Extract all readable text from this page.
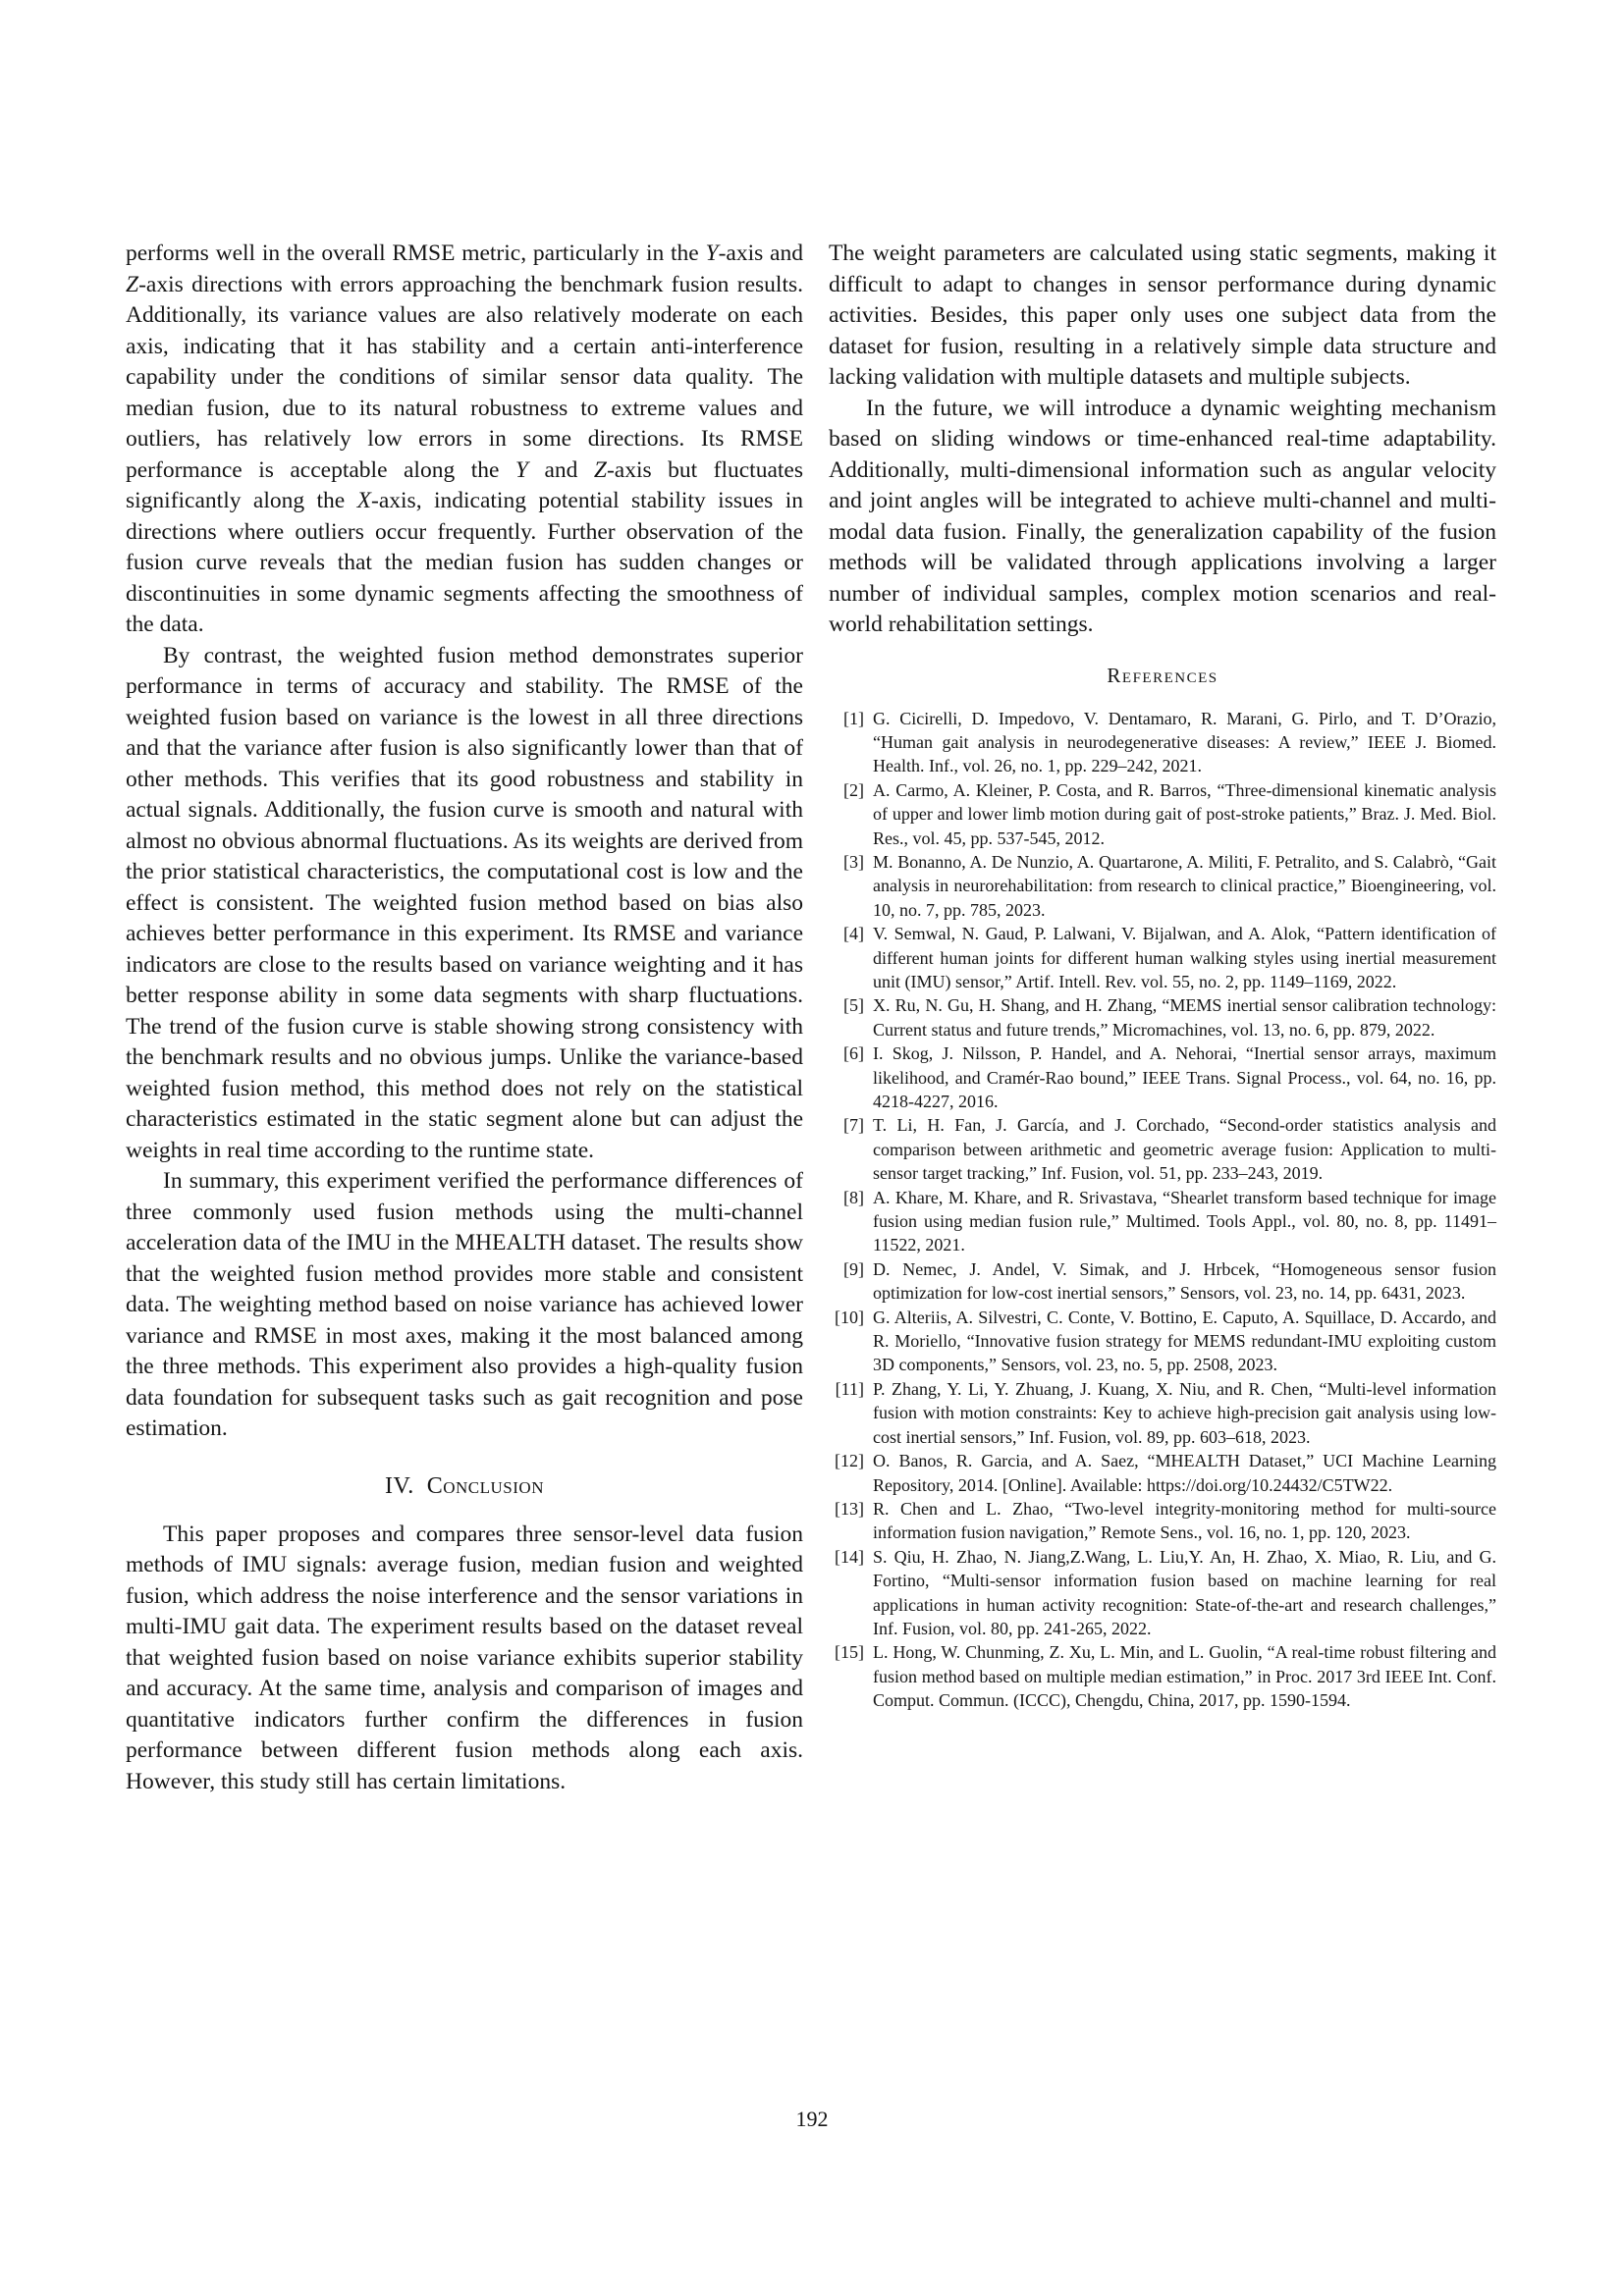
performs well in the overall RMSE metric, particularly in the Y-axis and Z-axis directions with errors approaching the benchmark fusion results. Additionally, its variance values are also relatively moderate on each axis, indicating that it has stability and a certain anti-interference capability under the conditions of similar sensor data quality. The median fusion, due to its natural robustness to extreme values and outliers, has relatively low errors in some directions. Its RMSE performance is acceptable along the Y and Z-axis but fluctuates significantly along the X-axis, indicating potential stability issues in directions where outliers occur frequently. Further observation of the fusion curve reveals that the median fusion has sudden changes or discontinuities in some dynamic segments affecting the smoothness of the data.
By contrast, the weighted fusion method demonstrates superior performance in terms of accuracy and stability. The RMSE of the weighted fusion based on variance is the lowest in all three directions and that the variance after fusion is also significantly lower than that of other methods. This verifies that its good robustness and stability in actual signals. Additionally, the fusion curve is smooth and natural with almost no obvious abnormal fluctuations. As its weights are derived from the prior statistical characteristics, the computational cost is low and the effect is consistent. The weighted fusion method based on bias also achieves better performance in this experiment. Its RMSE and variance indicators are close to the results based on variance weighting and it has better response ability in some data segments with sharp fluctuations. The trend of the fusion curve is stable showing strong consistency with the benchmark results and no obvious jumps. Unlike the variance-based weighted fusion method, this method does not rely on the statistical characteristics estimated in the static segment alone but can adjust the weights in real time according to the runtime state.
In summary, this experiment verified the performance differences of three commonly used fusion methods using the multi-channel acceleration data of the IMU in the MHEALTH dataset. The results show that the weighted fusion method provides more stable and consistent data. The weighting method based on noise variance has achieved lower variance and RMSE in most axes, making it the most balanced among the three methods. This experiment also provides a high-quality fusion data foundation for subsequent tasks such as gait recognition and pose estimation.
IV.  Conclusion
This paper proposes and compares three sensor-level data fusion methods of IMU signals: average fusion, median fusion and weighted fusion, which address the noise interference and the sensor variations in multi-IMU gait data. The experiment results based on the dataset reveal that weighted fusion based on noise variance exhibits superior stability and accuracy. At the same time, analysis and comparison of images and quantitative indicators further confirm the differences in fusion performance between different fusion methods along each axis. However, this study still has certain limitations.
The weight parameters are calculated using static segments, making it difficult to adapt to changes in sensor performance during dynamic activities. Besides, this paper only uses one subject data from the dataset for fusion, resulting in a relatively simple data structure and lacking validation with multiple datasets and multiple subjects.
In the future, we will introduce a dynamic weighting mechanism based on sliding windows or time-enhanced real-time adaptability. Additionally, multi-dimensional information such as angular velocity and joint angles will be integrated to achieve multi-channel and multi-modal data fusion. Finally, the generalization capability of the fusion methods will be validated through applications involving a larger number of individual samples, complex motion scenarios and real-world rehabilitation settings.
References
[1] G. Cicirelli, D. Impedovo, V. Dentamaro, R. Marani, G. Pirlo, and T. D’Orazio, “Human gait analysis in neurodegenerative diseases: A review,” IEEE J. Biomed. Health. Inf., vol. 26, no. 1, pp. 229–242, 2021.
[2] A. Carmo, A. Kleiner, P. Costa, and R. Barros, “Three-dimensional kinematic analysis of upper and lower limb motion during gait of post-stroke patients,” Braz. J. Med. Biol. Res., vol. 45, pp. 537-545, 2012.
[3] M. Bonanno, A. De Nunzio, A. Quartarone, A. Militi, F. Petralito, and S. Calabrò, “Gait analysis in neurorehabilitation: from research to clinical practice,” Bioengineering, vol. 10, no. 7, pp. 785, 2023.
[4] V. Semwal, N. Gaud, P. Lalwani, V. Bijalwan, and A. Alok, “Pattern identification of different human joints for different human walking styles using inertial measurement unit (IMU) sensor,” Artif. Intell. Rev. vol. 55, no. 2, pp. 1149–1169, 2022.
[5] X. Ru, N. Gu, H. Shang, and H. Zhang, “MEMS inertial sensor calibration technology: Current status and future trends,” Micromachines, vol. 13, no. 6, pp. 879, 2022.
[6] I. Skog, J. Nilsson, P. Handel, and A. Nehorai, “Inertial sensor arrays, maximum likelihood, and Cramér-Rao bound,” IEEE Trans. Signal Process., vol. 64, no. 16, pp. 4218-4227, 2016.
[7] T. Li, H. Fan, J. García, and J. Corchado, “Second-order statistics analysis and comparison between arithmetic and geometric average fusion: Application to multi-sensor target tracking,” Inf. Fusion, vol. 51, pp. 233–243, 2019.
[8] A. Khare, M. Khare, and R. Srivastava, “Shearlet transform based technique for image fusion using median fusion rule,” Multimed. Tools Appl., vol. 80, no. 8, pp. 11491–11522, 2021.
[9] D. Nemec, J. Andel, V. Simak, and J. Hrbcek, “Homogeneous sensor fusion optimization for low-cost inertial sensors,” Sensors, vol. 23, no. 14, pp. 6431, 2023.
[10] G. Alteriis, A. Silvestri, C. Conte, V. Bottino, E. Caputo, A. Squillace, D. Accardo, and R. Moriello, “Innovative fusion strategy for MEMS redundant-IMU exploiting custom 3D components,” Sensors, vol. 23, no. 5, pp. 2508, 2023.
[11] P. Zhang, Y. Li, Y. Zhuang, J. Kuang, X. Niu, and R. Chen, “Multi-level information fusion with motion constraints: Key to achieve high-precision gait analysis using low-cost inertial sensors,” Inf. Fusion, vol. 89, pp. 603–618, 2023.
[12] O. Banos, R. Garcia, and A. Saez, “MHEALTH Dataset,” UCI Machine Learning Repository, 2014. [Online]. Available: https://doi.org/10.24432/C5TW22.
[13] R. Chen and L. Zhao, “Two-level integrity-monitoring method for multi-source information fusion navigation,” Remote Sens., vol. 16, no. 1, pp. 120, 2023.
[14] S. Qiu, H. Zhao, N. Jiang,Z.Wang, L. Liu,Y. An, H. Zhao, X. Miao, R. Liu, and G. Fortino, “Multi-sensor information fusion based on machine learning for real applications in human activity recognition: State-of-the-art and research challenges,” Inf. Fusion, vol. 80, pp. 241-265, 2022.
[15] L. Hong, W. Chunming, Z. Xu, L. Min, and L. Guolin, “A real-time robust filtering and fusion method based on multiple median estimation,” in Proc. 2017 3rd IEEE Int. Conf. Comput. Commun. (ICCC), Chengdu, China, 2017, pp. 1590-1594.
192
